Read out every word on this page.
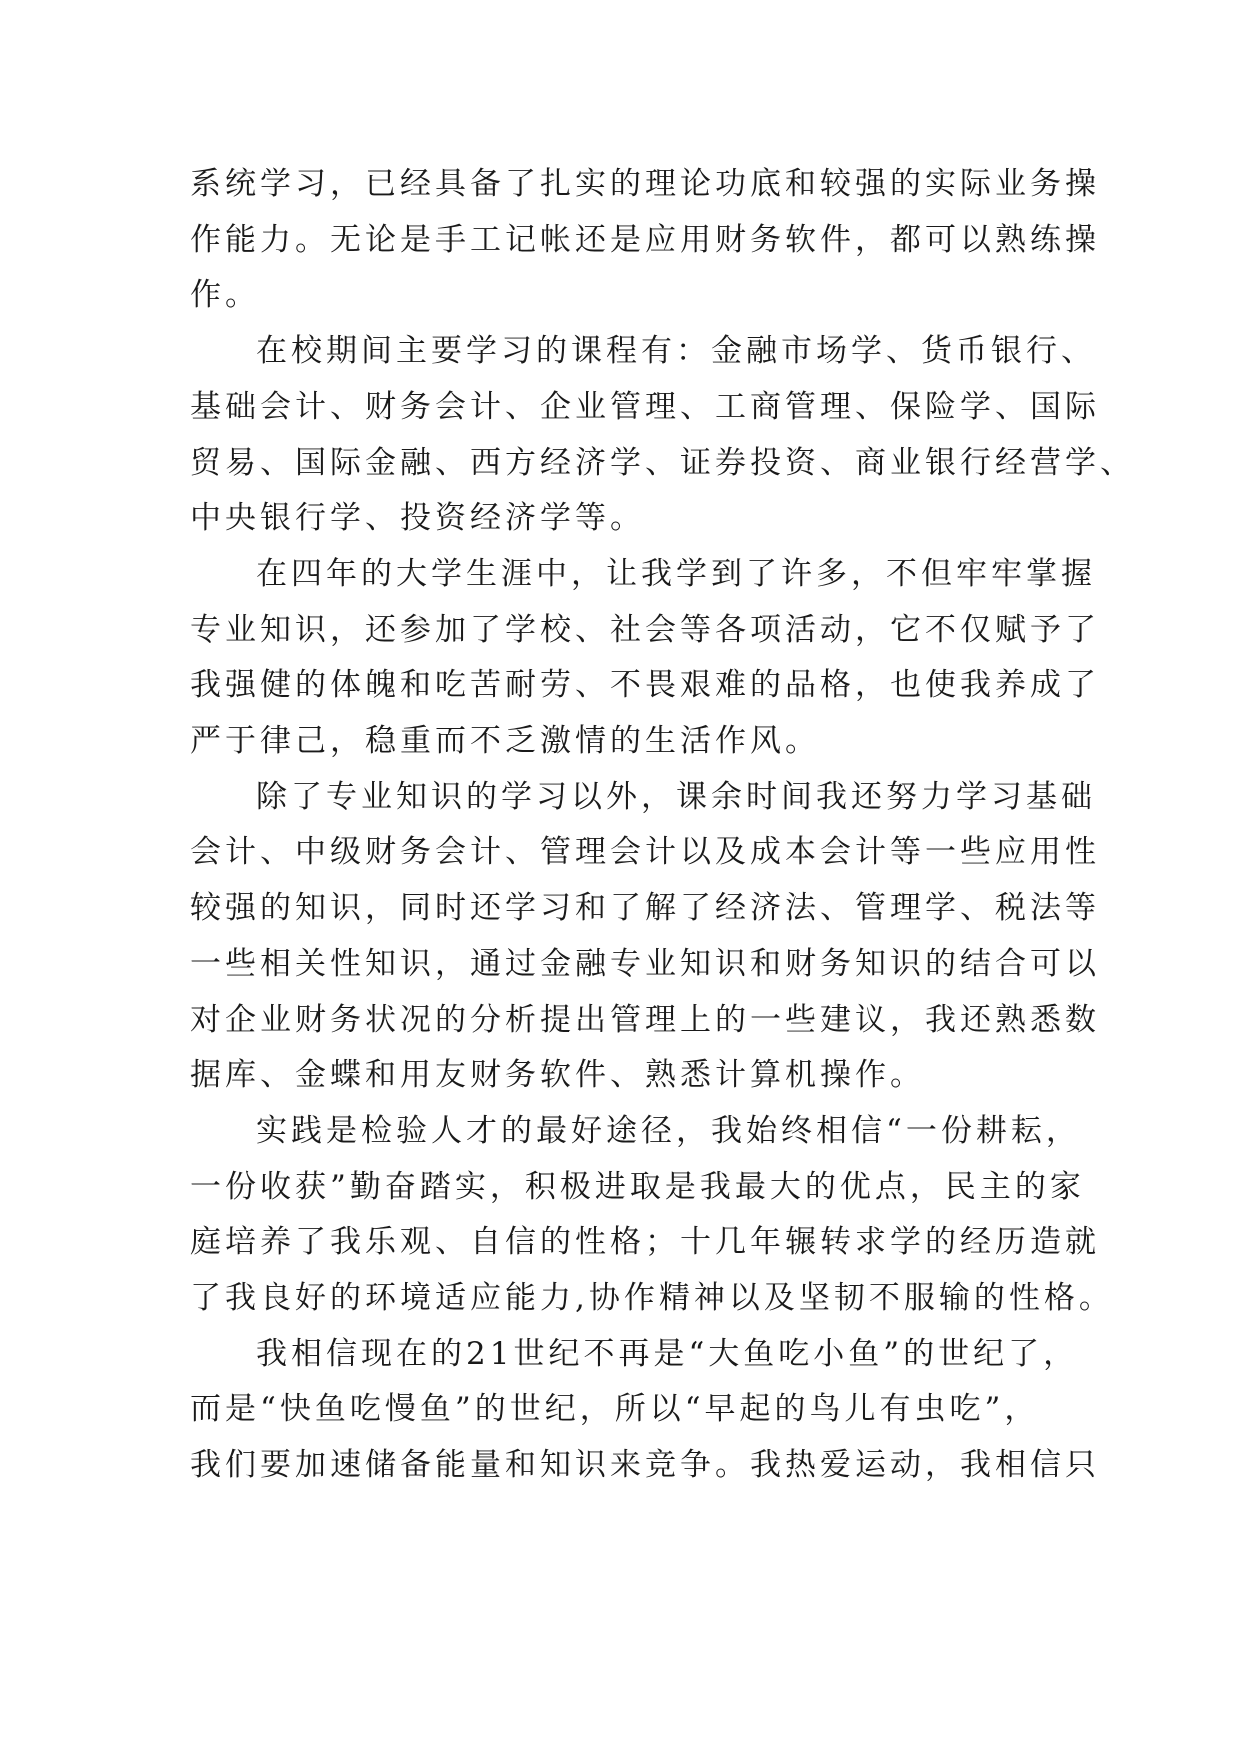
系统学习，已经具备了扎实的理论功底和较强的实际业务操
作能力。无论是手工记帐还是应用财务软件，都可以熟练操
作。
在校期间主要学习的课程有：金融市场学、货币银行、
基础会计、财务会计、企业管理、工商管理、保险学、国际
贸易、国际金融、西方经济学、证券投资、商业银行经营学、
中央银行学、投资经济学等。
在四年的大学生涯中，让我学到了许多，不但牢牢掌握
专业知识，还参加了学校、社会等各项活动，它不仅赋予了
我强健的体魄和吃苦耐劳、不畏艰难的品格，也使我养成了
严于律己，稳重而不乏激情的生活作风。
除了专业知识的学习以外，课余时间我还努力学习基础
会计、中级财务会计、管理会计以及成本会计等一些应用性
较强的知识，同时还学习和了解了经济法、管理学、税法等
一些相关性知识，通过金融专业知识和财务知识的结合可以
对企业财务状况的分析提出管理上的一些建议，我还熟悉数
据库、金蝶和用友财务软件、熟悉计算机操作。
实践是检验人才的最好途径，我始终相信“一份耕耘，
一份收获”勤奋踏实，积极进取是我最大的优点，民主的家
庭培养了我乐观、自信的性格；十几年辗转求学的经历造就
了我良好的环境适应能力,协作精神以及坚韧不服输的性格。
我相信现在的21世纪不再是“大鱼吃小鱼”的世纪了，
而是“快鱼吃慢鱼”的世纪，所以“早起的鸟儿有虫吃”，
我们要加速储备能量和知识来竞争。我热爱运动，我相信只
